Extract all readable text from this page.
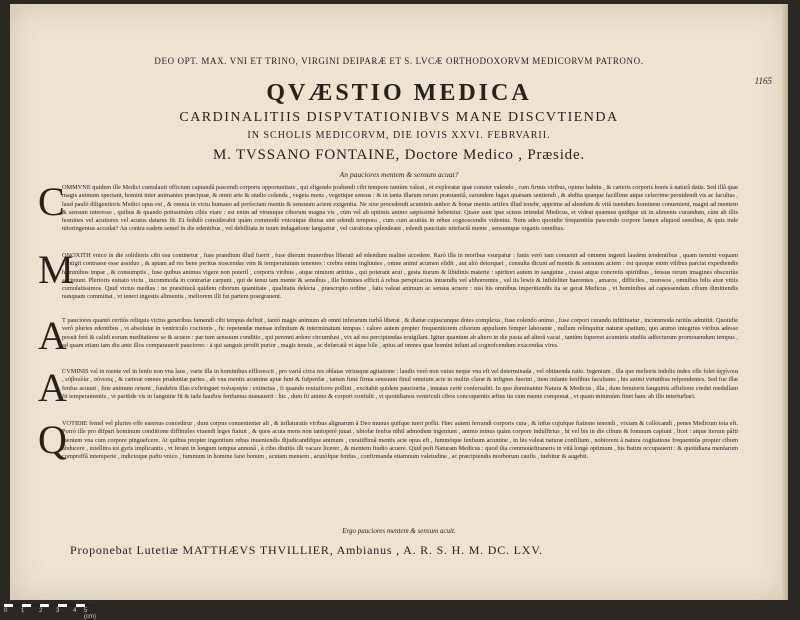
1165
DEO OPT. MAX. VNI ET TRINO, VIRGINI DEIPARÆ ET S. LVCÆ ORTHODOXORVM MEDICORVM PATRONO.
QVÆSTIO MEDICA
CARDINALITIIS DISPVTATIONIBVS MANE DISCVTIENDA
IN SCHOLIS MEDICORVM, DIE IOVIS XXVI. FEBRVARII.
M. TVSSANO FONTAINE, Doctore Medico , Præside.
An pauciores mentem & sensum acuat?
C
OMMVNE quidem ille Medici cumulauit officium captandâ pascendi corporis opportunitate , qui eligendo prabendi cibi tempore tantùm valeat , et exploratæ quæ conster valendo , cum firmis viribus, opimo habitu , & cæteris corporis bonis à naturâ datis. Sed illâ quæ magis animum spectant, homini inter animantes præcipuæ, & omni arte & studio colenda , vegeta mens , vegetique sensus : & in tanta illarum rerum præstantiâ, earundem fagax quæsam sentiendi , & abdita quæque facillime atque celerrime peruidendi vis ac facultas , laud paulò diligentioris Medici opus est , & omnia in victu humano ad perfectam mentis & sensuum aciem exigentia. Ne sine procedendi acuminis author & bonæ mentis artifex illud tenebr, apprime ad alendum & vitâ tuendum hominem conuenient, magni ad mentem & sensum interesse , quibus & quando potissimùm cibis vtare : est enim ad vtrumque ciborum magna vis , cùm vel ab optimis animo sæpissimè hebetetur. Quare sunt ipse sciens intendat Medicus, et videat quæmus quidque sit in aliments curandum, cùm ab illis homines vel acutiores vel acutos datarus fit. Et fedulò considerabit quàm commodè vnicuique diuisa sint edendi tempora , cum cum acutiùs in rebus cognoscendis videntur. Num adeo quotidie frequentiùs pascendo corpore lumen aliquod sensibus, & quis inde nitoringenius accedat? An contra eadem semel in die edentibus , vel debilitata in tuum indagatione languetur , vel curationa splendeant , edendi paucitate nitefactâ mente , sensumque organis omnibus.
M
ONOXITH vnico in die solidioris cibi esu continetur , fuse prandium illud fuerit , fuse dierum muneribus liberati ad edendum maline accedere. Rarò illa in moribus vsurpatur : fanis verò tam conuenit ad omnem ingenii laudem tendentibus , quam nemini vsquam contigit contrasse esse assiduo , & aptam ad res bene peritus noscendas vim & temperaturam tenentes : crebra enim ingluuies , omne animi acumen elidit , aut aliò detorquet , consulta dicunt ad mentis & sensuum aciem : est quoque enim vilibus parciat expediendis hominibus impar , & consumptis , fuse quibus animus vigere non poteril , corporis viribus , atque nimium artitius , qui poterant acui , gesta iturum & libidinis materie : spiritori autem in sanguine , crassi atque concretis spiritibus , fensus rerum imagines obscuriùs accipiunt. Plerioris euitato victu , incommoda in contrariæ carpunt , qui de tenui tam mente & sensibus , ille homines efficit à rebus perspicacius intuendis vel abhorrentes , vel iis lewis & infideliter haerentes , amaros , difficiles , morosos , omnibus bilis atræ vitiis cumulatissimos. Quid victus medius : ne præstitucâ quidem ciborum quantitate , qualitatis delecta , præscripto ordine , fatis valeat animum ac sensus acuere : nisi his omnibus imperitiendis ita se gerat Medicus , vt hominibus ad capessendam cibum dimittendis nunquam committat , vt teneri ingestis alimentis , meliorem illi fui partem praegrauent.
A
T pauciores quantò certiùs reliquis victus generibus famendi cibi tempus definit , tantò magis animum ab omni inferarum turbâ liberat , & diætæ cujuscunque dotes complexa , fuse colendo animo , fuse corpori curando infitituatur , incommoda raritùs admittit. Quotidie verò pluries edentibus , vt absolutæ in ventriculo coctionis , fic repetendæ mensæ infinitum & interminatum tempus : calore autem propter frequentiorem ciborum appulsum femper laborante , nullum relinquitur naturæ spatium, quo animo integrius viribus adesse possit ferè & calidi eorum meditatione se & acuere : par tum sensuum conditio , qui perenni ædore circumfusi , vix ad res percipiendas eruigilant. Igitur quantum ab altero in die pasta ad alterâ vacat , tantùm fuperest acuminis studiis adfecturum promouendum tempus , ad quam etiam iam diu ante illos comparauerit pauciores : à qui sanguis prodit purior , magis tenuis , ac defæcatâ vt àque bile , apius ad omnes quæ homini infunt ad cognofcendum exacendas vires.
A
CVMINIS vel in mente vel in fenfu non vna laus , varie illa in hominibus efflorescit , pro variâ circa res oblatas vtriusque agitatione : laudis verò non vnius neque vna eft vel determinada , vel obtinenda ratio. Ingenium , illa que melioris indolis index efle folet ἀγχίνοια , εὐβουλία , σύνεσις , & cæteræ omnes prudentiæ partes , ab vna mentis acumine aptæ funt & fufpenfæ , tamen fimè firma sensuum finul omnium acie in multis claræ & infignes fuerint , item infante fenfibus facultates , his animi virtutibus refpondentes. Sed fue illæ fenfus acuunt , fine animum ornent , fundebis illas exfiringuet πολυφαγία : extinctas , fi quando reuiuifcere poflint , excitabit quidem pauciorita , innatas certè conferuabit. In quo dominantur Natura & Medicus , illa , dum fenuioris fanguinis affufione credet medullam fit temperamentis , vt paritide vis in fanguine fit & tade hauftos fenfumus manauerit : hic , dum fit animo & corpori confulit , vt quotidianos ventriculi cibos concoquentis æftus ita cum mente componat , vt quam minimùm finet hanc ab illo interturbari.
Q
VOTIDIE femel vel pluries effe earenus concedirur , dum corpus conuenienter ali , & inflaturatis viribus alignarum à Deo munus quifque tueri poflit. Hæc autem ferrandi corporis cura , & infus cujufque ftatione tenendi , vixiam & collocandi , penes Medicum tota eft. Porrò ille pro difpari hominum conditione diffimiles viuendi leges ftatuit , & quos acuta mens non tantoperè juuat , ubiofæ fenfus nihil admodum ingeniunt , animo minus quàm corpore indulftrius , hi vel bis in die cibum & fomnum capiunt , licet : atque iterum pâfti mentem vna cum corpore pinguefcere. At quibus propter ingentium rebus inueniendis dijudicandifque animum , curatiffimâ mentis acie opus eft , fummòque fenfuum acumine , in his valeat naturæ confilium , nobiorem à natura cogitatione frequentiùs propter cibum abducere , intellitra tot gyris implicantis , vt ferant in longum tempus annonâ , à cibo diutiùs illi vacare licerer , & mentem ftudio acuere. Quid poft Naturam Medicus : quod ilia commoueftraneris in vitâ longè optimum , his ftatim occupauerit : & quotidiana menfarum compreffâ intemperie , indictoque paftu vnico , fummum in homine fano bonum , acutam mentem , acutòfque fenfus , confirmanda etiamnum valetudine , ac præcipiendis morborum caufis , tuebitur & augebit.
Ergo pauciores mentem & sensum acuit.
Proponebat Lutetiæ MATTHÆVS THVILLIER, Ambianus , A. R. S. H. M. DC. LXV.
0 1 2 3 4 5 (cm)
